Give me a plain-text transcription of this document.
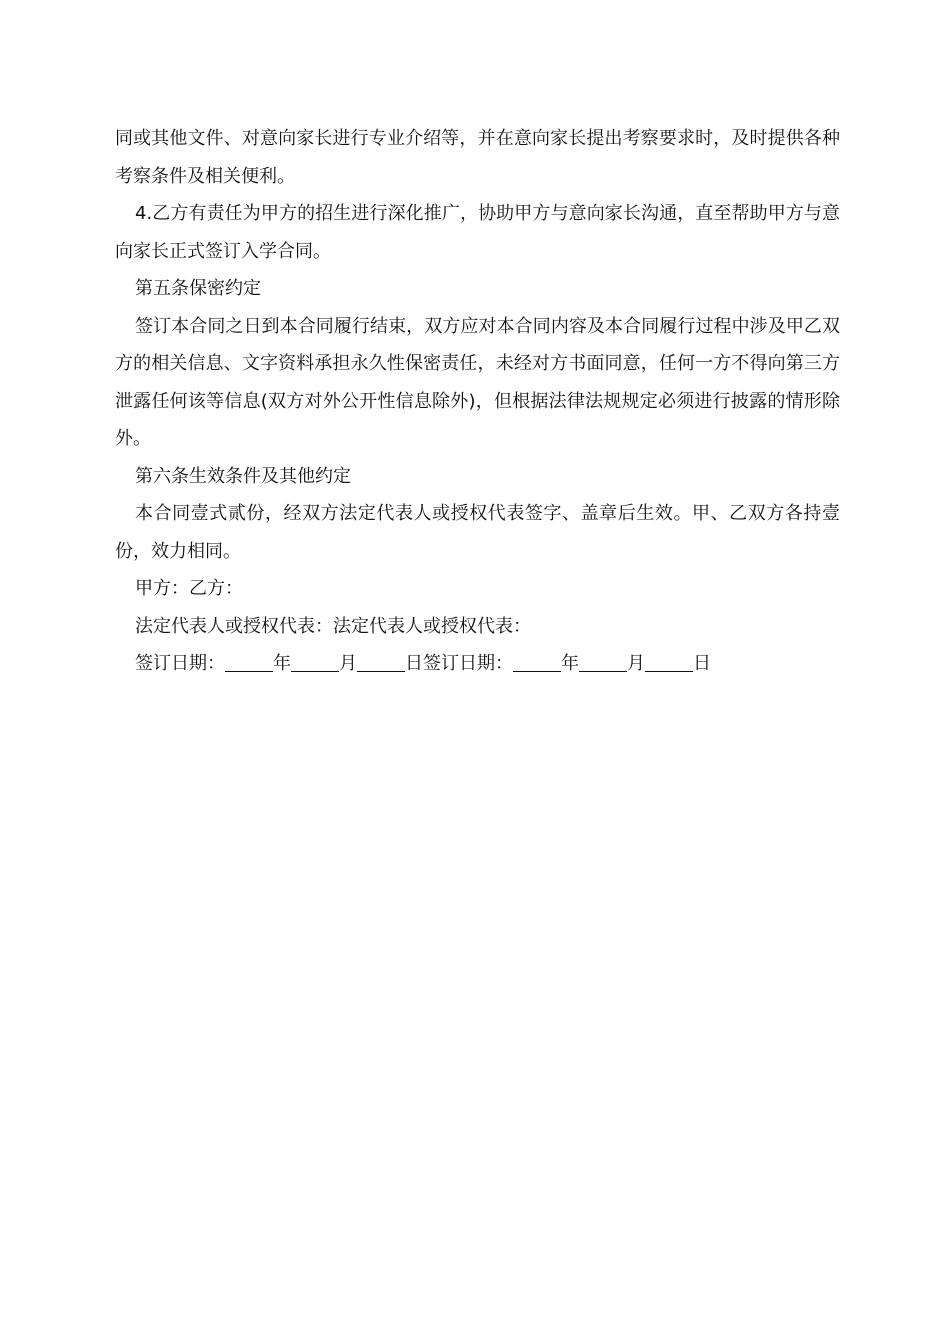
同或其他文件、对意向家长进行专业介绍等，并在意向家长提出考察要求时，及时提供各种考察条件及相关便利。

4.乙方有责任为甲方的招生进行深化推广，协助甲方与意向家长沟通，直至帮助甲方与意向家长正式签订入学合同。

第五条保密约定

签订本合同之日到本合同履行结束，双方应对本合同内容及本合同履行过程中涉及甲乙双方的相关信息、文字资料承担永久性保密责任，未经对方书面同意，任何一方不得向第三方泄露任何该等信息(双方对外公开性信息除外)，但根据法律法规规定必须进行披露的情形除外。

第六条生效条件及其他约定

本合同壹式贰份，经双方法定代表人或授权代表签字、盖章后生效。甲、乙双方各持壹份，效力相同。

甲方：乙方：

法定代表人或授权代表：法定代表人或授权代表：

签订日期：	年	月	日签订日期：	年	月	日
